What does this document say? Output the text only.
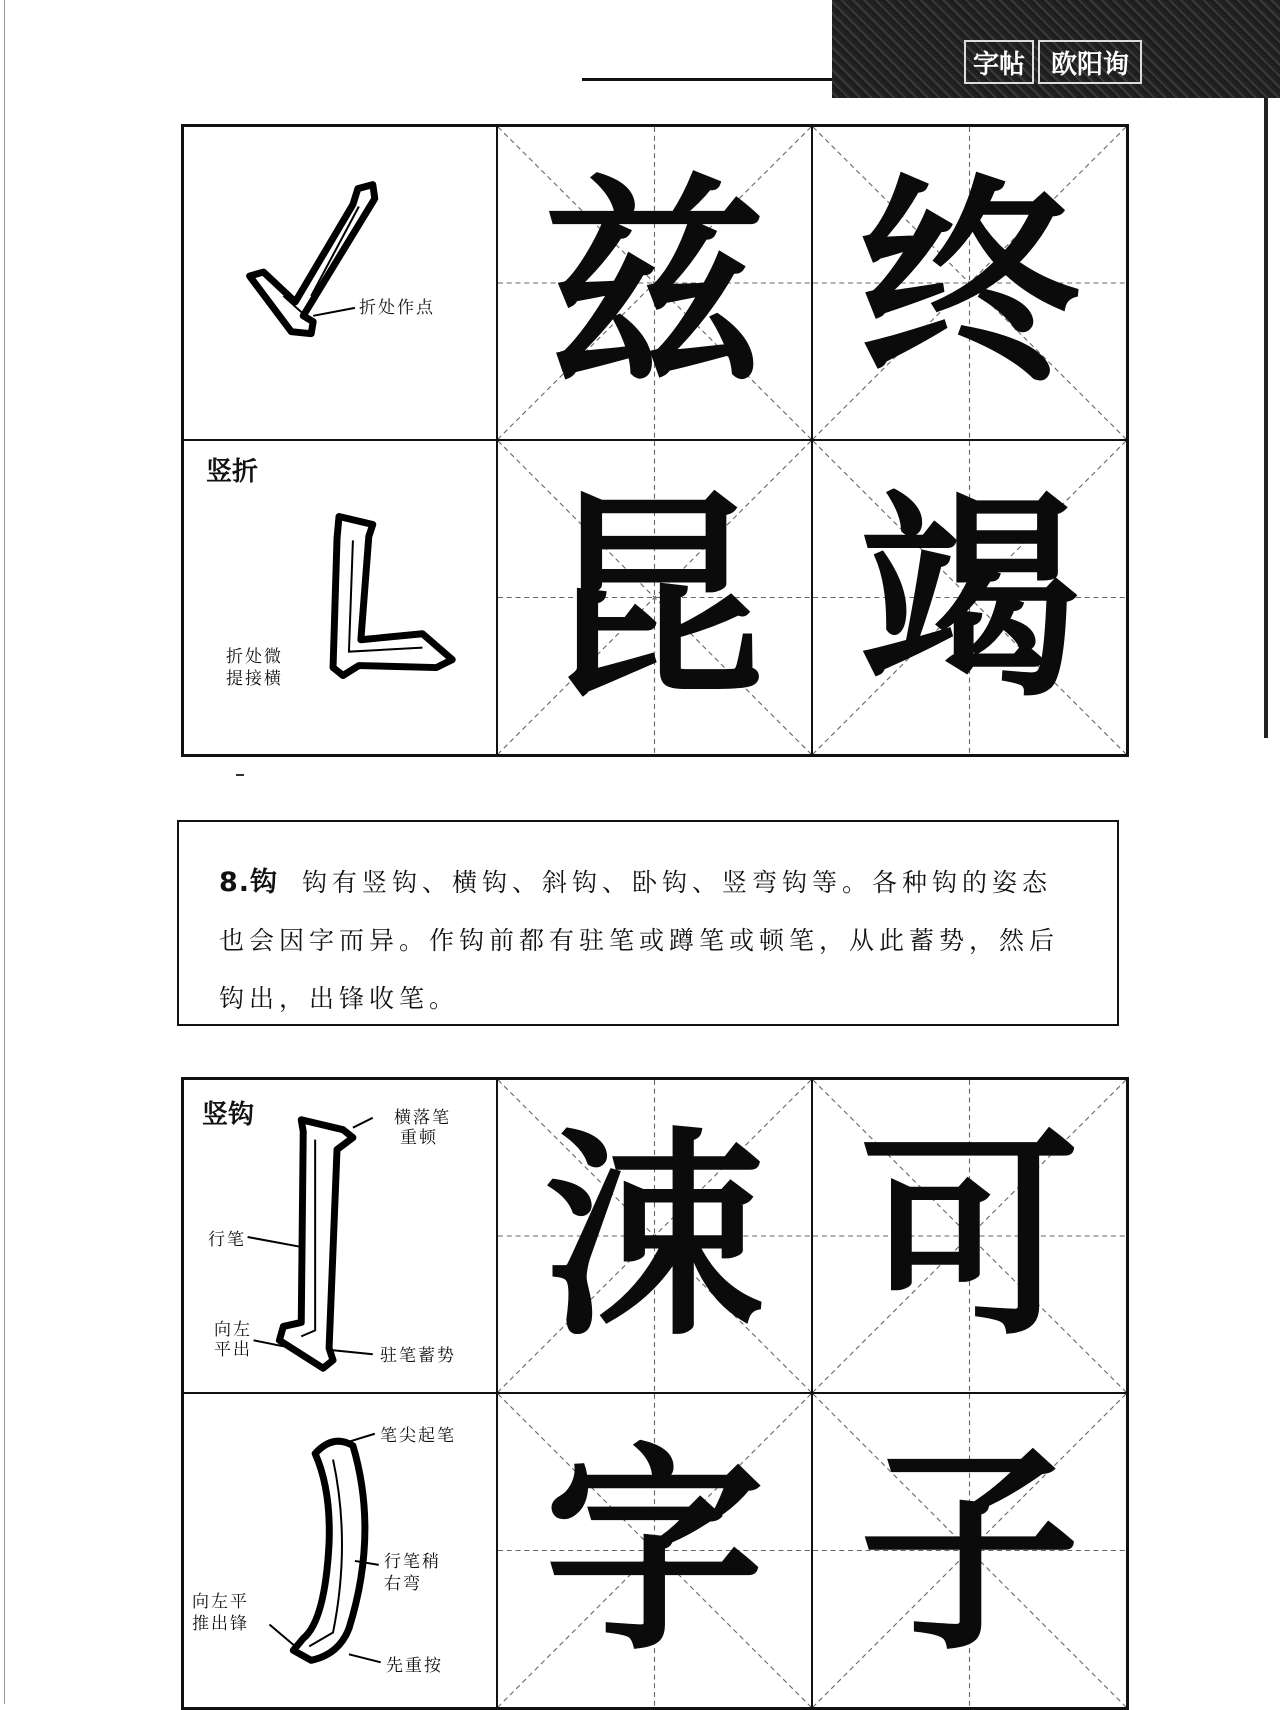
字帖 欧阳询
折处作点 兹 终
竖折
折处微
提接横 昆 竭
8.钩 钩有竖钩、横钩、斜钩、卧钩、竖弯钩等。各种钩的姿态也会因字而异。作钩前都有驻笔或蹲笔或顿笔，从此蓄势，然后钩出，出锋收笔。
竖钩	横落笔
重顿
行笔
向左
平出	驻笔蓄势 涑 可
笔尖起笔
行笔稍
右弯
向左平
推出锋
先重按 字 子
